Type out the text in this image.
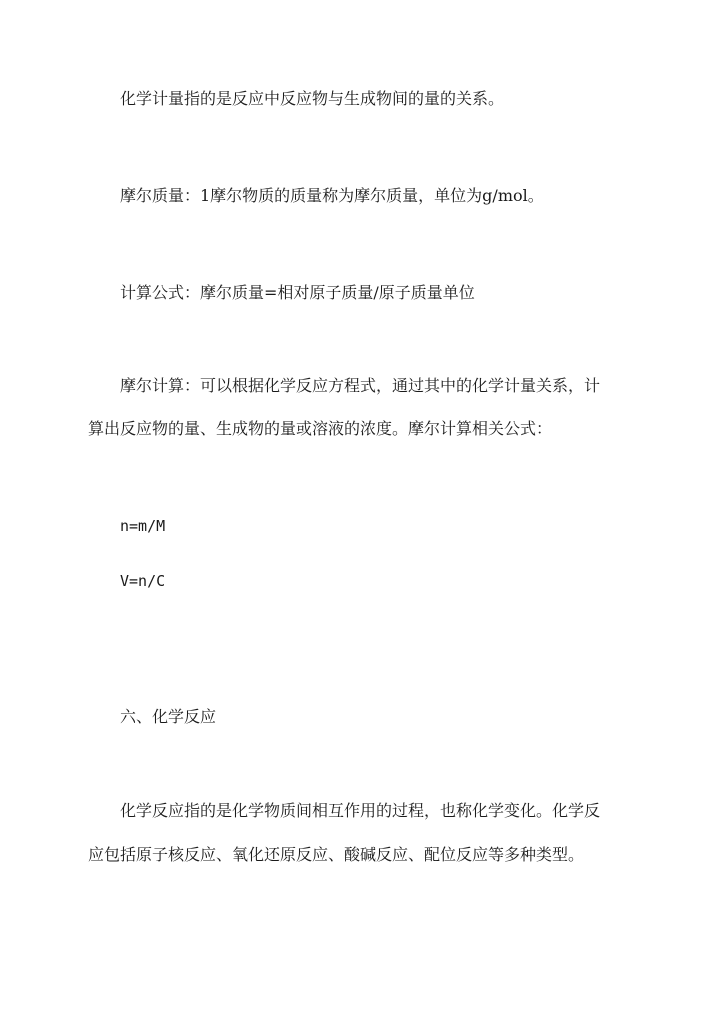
化学计量指的是反应中反应物与生成物间的量的关系。
摩尔质量：1摩尔物质的质量称为摩尔质量，单位为g/mol。
计算公式：摩尔质量=相对原子质量/原子质量单位
摩尔计算：可以根据化学反应方程式，通过其中的化学计量关系，计
算出反应物的量、生成物的量或溶液的浓度。摩尔计算相关公式：
n=m/M
V=n/C
六、化学反应
化学反应指的是化学物质间相互作用的过程，也称化学变化。化学反
应包括原子核反应、氧化还原反应、酸碱反应、配位反应等多种类型。
